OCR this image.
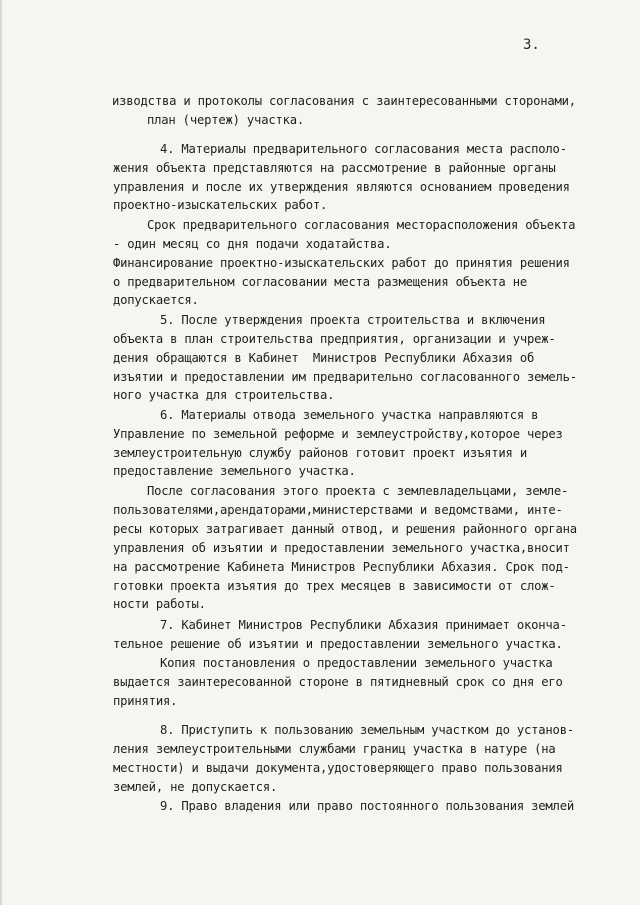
3.
изводства и протоколы согласования с заинтересованными сторонами,
план (чертеж) участка.
4. Материалы предварительного согласования места располо-
жения объекта представляются на рассмотрение в районные органы
управления и после их утверждения являются основанием проведения
проектно-изыскательских работ.
Срок предварительного согласования месторасположения объекта
- один месяц со дня подачи ходатайства.
Финансирование проектно-изыскательских работ до принятия решения
о предварительном согласовании места размещения объекта не
допускается.
5. После утверждения проекта строительства и включения
объекта в план строительства предприятия, организации и учреж-
дения обращаются в Кабинет  Министров Республики Абхазия об
изъятии и предоставлении им предварительно согласованного земель-
ного участка для строительства.
6. Материалы отвода земельного участка направляются в
Управление по земельной реформе и землеустройству,которое через
землеустроительную службу районов готовит проект изъятия и
предоставление земельного участка.
После согласования этого проекта с землевладельцами, земле-
пользователями,арендаторами,министерствами и ведомствами, инте-
ресы которых затрагивает данный отвод, и решения районного органа
управления об изъятии и предоставлении земельного участка,вносит
на рассмотрение Кабинета Министров Республики Абхазия. Срок под-
готовки проекта изъятия до трех месяцев в зависимости от слож-
ности работы.
7. Кабинет Министров Республики Абхазия принимает оконча-
тельное решение об изъятии и предоставлении земельного участка.
Копия постановления о предоставлении земельного участка
выдается заинтересованной стороне в пятидневный срок со дня его
принятия.
8. Приступить к пользованию земельным участком до установ-
ления землеустроительными службами границ участка в натуре (на
местности) и выдачи документа,удостоверяющего право пользования
землей, не допускается.
9. Право владения или право постоянного пользования землей
